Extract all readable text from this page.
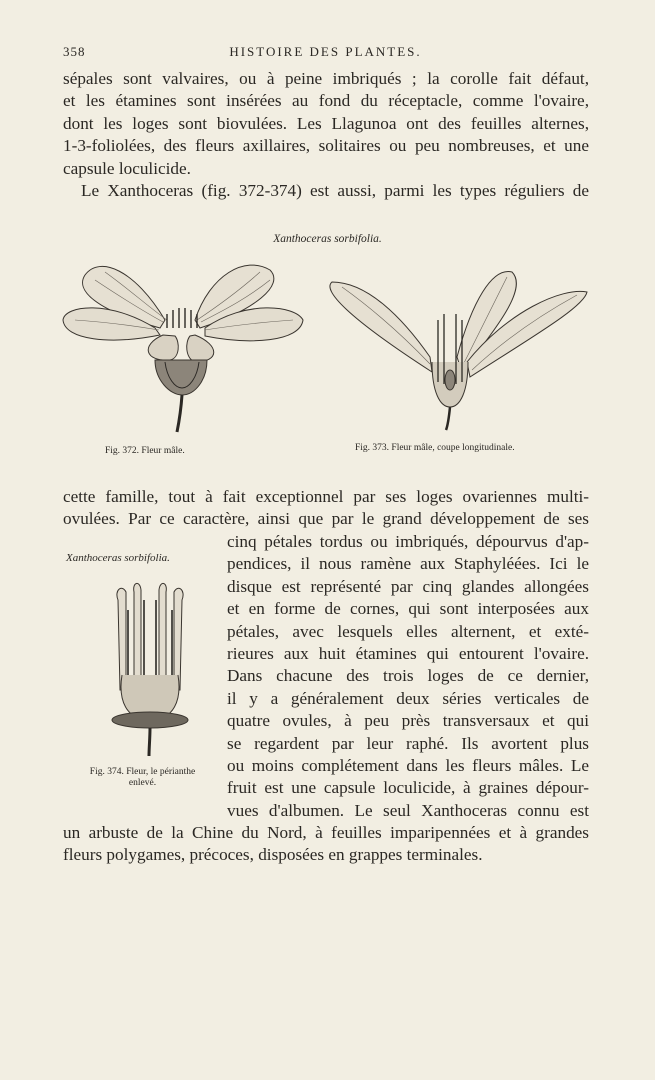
358	HISTOIRE DES PLANTES.
sépales sont valvaires, ou à peine imbriqués ; la corolle fait défaut,
et les étamines sont insérées au fond du réceptacle, comme l'ovaire,
dont les loges sont biovulées. Les Llagunoa ont des feuilles alternes,
1-3-foliolées, des fleurs axillaires, solitaires ou peu nombreuses, et une
capsule loculicide.
Le Xanthoceras (fig. 372-374) est aussi, parmi les types réguliers de
Xanthoceras sorbifolia.
Fig. 372. Fleur mâle.	Fig. 373. Fleur mâle, coupe longitudinale.
cette famille, tout à fait exceptionnel par ses loges ovariennes multi-
ovulées. Par ce caractère, ainsi que par le grand développement de ses
Xanthoceras sorbifolia.
Fig. 374. Fleur, le périanthe
enlevé.
cinq pétales tordus ou imbriqués, dépourvus d'ap-
pendices, il nous ramène aux Staphyléées. Ici le
disque est représenté par cinq glandes allongées
et en forme de cornes, qui sont interposées aux
pétales, avec lesquels elles alternent, et exté-
rieures aux huit étamines qui entourent l'ovaire.
Dans chacune des trois loges de ce dernier,
il y a généralement deux séries verticales de
quatre ovules, à peu près transversaux et qui
se regardent par leur raphé. Ils avortent plus
ou moins complétement dans les fleurs mâles. Le
fruit est une capsule loculicide, à graines dépour-
vues d'albumen. Le seul Xanthoceras connu est
un arbuste de la Chine du Nord, à feuilles imparipennées et à grandes
fleurs polygames, précoces, disposées en grappes terminales.
